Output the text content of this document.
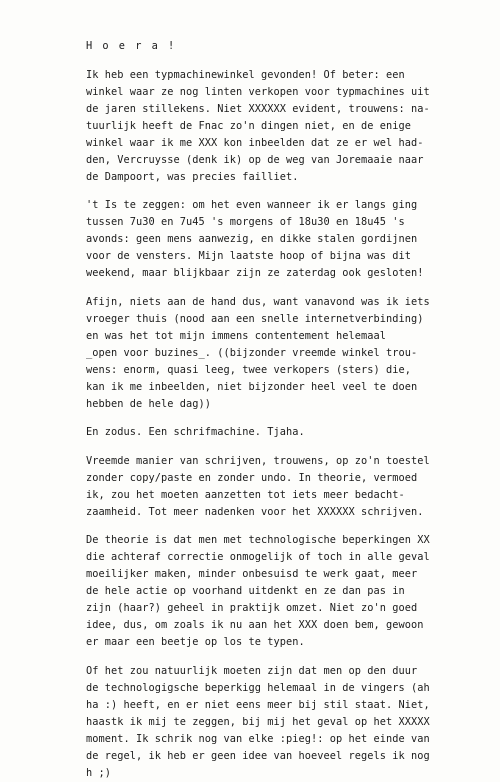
H o e r a !
Ik heb een typmachinewinkel gevonden! Of beter: een
winkel waar ze nog linten verkopen voor typmachines uit
de jaren stillekens. Niet XXXXXX evident, trouwens: na-
tuurlijk heeft de Fnac zo'n dingen niet, en de enige
winkel waar ik me XXX kon inbeelden dat ze er wel had-
den, Vercruysse (denk ik) op de weg van Joremaaie naar
de Dampoort, was precies failliet.
't Is te zeggen: om het even wanneer ik er langs ging
tussen 7u30 en 7u45 's morgens of 18u30 en 18u45 's
avonds: geen mens aanwezig, en dikke stalen gordijnen
voor de vensters. Mijn laatste hoop of bijna was dit
weekend, maar blijkbaar zijn ze zaterdag ook gesloten!
Afijn, niets aan de hand dus, want vanavond was ik iets
vroeger thuis (nood aan een snelle internetverbinding)
en was het tot mijn immens contentement helemaal
_open voor buzines_. ((bijzonder vreemde winkel trou-
wens: enorm, quasi leeg, twee verkopers (sters) die,
kan ik me inbeelden, niet bijzonder heel veel te doen
hebben de hele dag))
En zodus. Een schrifmachine. Tjaha.
Vreemde manier van schrijven, trouwens, op zo'n toestel
zonder copy/paste en zonder undo. In theorie, vermoed
ik, zou het moeten aanzetten tot iets meer bedacht-
zaamheid. Tot meer nadenken voor het XXXXXX schrijven.
De theorie is dat men met technologische beperkingen XX
die achteraf correctie onmogelijk of toch in alle geval
moeilijker maken, minder onbesuisd te werk gaat, meer
de hele actie op voorhand uitdenkt en ze dan pas in
zijn (haar?) geheel in praktijk omzet. Niet zo'n goed
idee, dus, om zoals ik nu aan het XXX doen bem, gewoon
er maar een beetje op los te typen.
Of het zou natuurlijk moeten zijn dat men op den duur
de technologigsche beperkigg helemaal in de vingers (ah
ha :) heeft, en er niet eens meer bij stil staat. Niet,
haastk ik mij te zeggen, bij mij het geval op het XXXXX
moment. Ik schrik nog van elke :pieg!: op het einde van
de regel, ik heb er geen idee van hoeveel regels ik nog
h ;)
